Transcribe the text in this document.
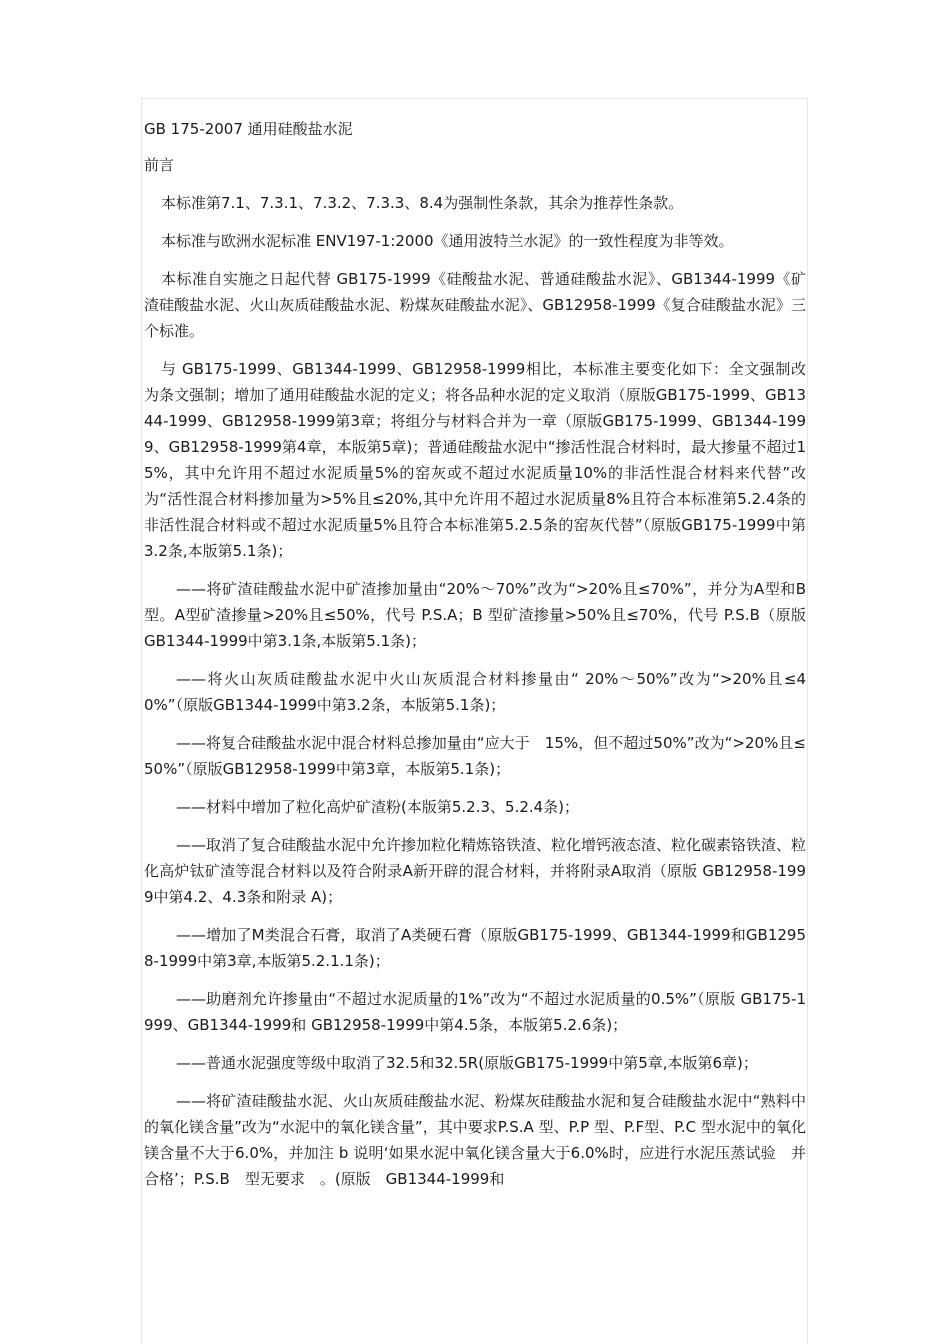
GB 175-2007 通用硅酸盐水泥

前言

本标准第7.1、7.3.1、7.3.2、7.3.3、8.4为强制性条款，其余为推荐性条款。

本标准与欧洲水泥标准 ENV197-1:2000《通用波特兰水泥》的一致性程度为非等效。

本标准自实施之日起代替 GB175-1999《硅酸盐水泥、普通硅酸盐水泥》、GB1344-1999《矿渣硅酸盐水泥、火山灰质硅酸盐水泥、粉煤灰硅酸盐水泥》、GB12958-1999《复合硅酸盐水泥》三个标准。

与 GB175-1999、GB1344-1999、GB12958-1999相比，本标准主要变化如下：全文强制改为条文强制；增加了通用硅酸盐水泥的定义；将各品种水泥的定义取消（原版GB175-1999、GB1344-1999、GB12958-1999第3章；将组分与材料合并为一章（原版GB175-1999、GB1344-1999、GB12958-1999第4章，本版第5章)；普通硅酸盐水泥中“掺活性混合材料时，最大掺量不超过15%，其中允许用不超过水泥质量5%的窑灰或不超过水泥质量10%的非活性混合材料来代替”改为“活性混合材料掺加量为>5%且≤20%,其中允许用不超过水泥质量8%且符合本标准第5.2.4条的非活性混合材料或不超过水泥质量5%且符合本标准第5.2.5条的窑灰代替”（原版GB175-1999中第3.2条,本版第5.1条)；

——将矿渣硅酸盐水泥中矿渣掺加量由“20%～70%”改为“>20%且≤70%”，并分为A型和B型。A型矿渣掺量>20%且≤50%，代号 P.S.A；B 型矿渣掺量>50%且≤70%，代号 P.S.B（原版 GB1344-1999中第3.1条,本版第5.1条)；

——将火山灰质硅酸盐水泥中火山灰质混合材料掺量由“ 20%～50%”改为“>20%且≤40%”（原版GB1344-1999中第3.2条，本版第5.1条)；

——将复合硅酸盐水泥中混合材料总掺加量由“应大于　15%，但不超过50%”改为“>20%且≤50%”（原版GB12958-1999中第3章，本版第5.1条)；

——材料中增加了粒化高炉矿渣粉(本版第5.2.3、5.2.4条)；

——取消了复合硅酸盐水泥中允许掺加粒化精炼铬铁渣、粒化增钙液态渣、粒化碳素铬铁渣、粒化高炉钛矿渣等混合材料以及符合附录A新开辟的混合材料，并将附录A取消（原版 GB12958-1999中第4.2、4.3条和附录 A)；

——增加了M类混合石膏，取消了A类硬石膏（原版GB175-1999、GB1344-1999和GB12958-1999中第3章,本版第5.2.1.1条)；

——助磨剂允许掺量由“不超过水泥质量的1%”改为“不超过水泥质量的0.5%”（原版 GB175-1999、GB1344-1999和 GB12958-1999中第4.5条，本版第5.2.6条)；

——普通水泥强度等级中取消了32.5和32.5R(原版GB175-1999中第5章,本版第6章)；

——将矿渣硅酸盐水泥、火山灰质硅酸盐水泥、粉煤灰硅酸盐水泥和复合硅酸盐水泥中“熟料中的氧化镁含量”改为“水泥中的氧化镁含量”，其中要求P.S.A 型、P.P 型、P.F型、P.C 型水泥中的氧化镁含量不大于6.0%，并加注 b 说明‘如果水泥中氧化镁含量大于6.0%时，应进行水泥压蒸试验　并合格’；P.S.B　型无要求　。(原版　GB1344-1999和
